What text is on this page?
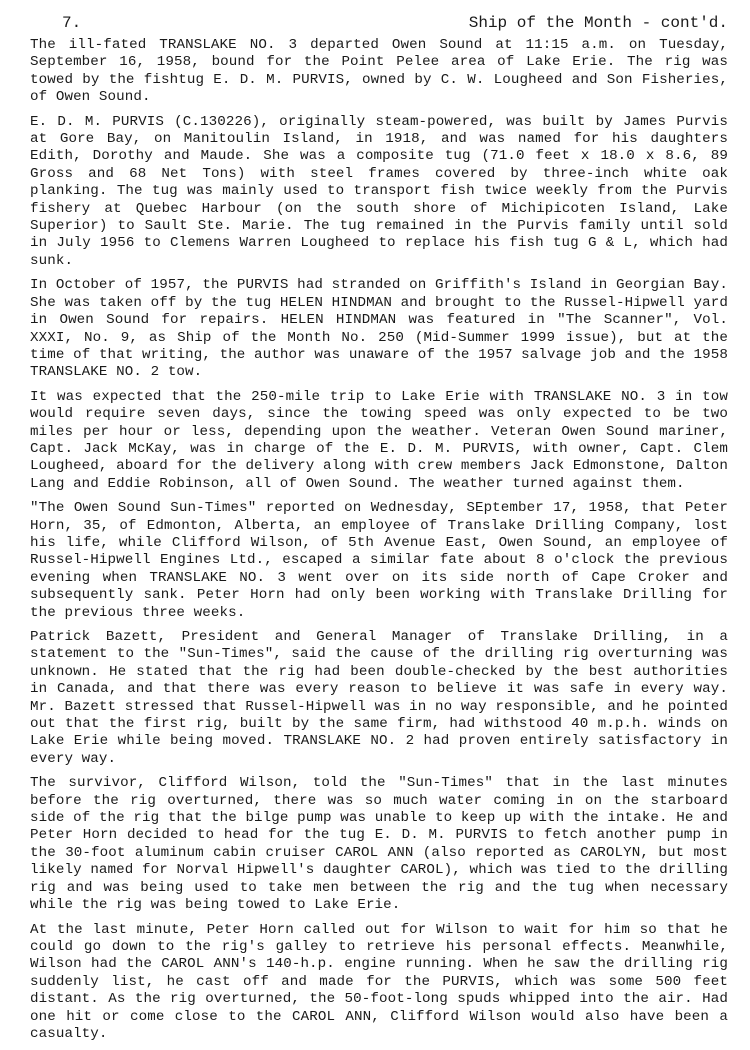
7.	Ship of the Month - cont'd.

The ill-fated TRANSLAKE NO. 3 departed Owen Sound at 11:15 a.m. on Tuesday, September 16, 1958, bound for the Point Pelee area of Lake Erie. The rig was towed by the fishtug E. D. M. PURVIS, owned by C. W. Lougheed and Son Fisheries, of Owen Sound.

E. D. M. PURVIS (C.130226), originally steam-powered, was built by James Purvis at Gore Bay, on Manitoulin Island, in 1918, and was named for his daughters Edith, Dorothy and Maude. She was a composite tug (71.0 feet x 18.0 x 8.6, 89 Gross and 68 Net Tons) with steel frames covered by three-inch white oak planking. The tug was mainly used to transport fish twice weekly from the Purvis fishery at Quebec Harbour (on the south shore of Michipicoten Island, Lake Superior) to Sault Ste. Marie. The tug remained in the Purvis family until sold in July 1956 to Clemens Warren Lougheed to replace his fish tug G & L, which had sunk.

In October of 1957, the PURVIS had stranded on Griffith's Island in Georgian Bay. She was taken off by the tug HELEN HINDMAN and brought to the Russel-Hipwell yard in Owen Sound for repairs. HELEN HINDMAN was featured in "The Scanner", Vol. XXXI, No. 9, as Ship of the Month No. 250 (Mid-Summer 1999 issue), but at the time of that writing, the author was unaware of the 1957 salvage job and the 1958 TRANSLAKE NO. 2 tow.

It was expected that the 250-mile trip to Lake Erie with TRANSLAKE NO. 3 in tow would require seven days, since the towing speed was only expected to be two miles per hour or less, depending upon the weather. Veteran Owen Sound mariner, Capt. Jack McKay, was in charge of the E. D. M. PURVIS, with owner, Capt. Clem Lougheed, aboard for the delivery along with crew members Jack Edmonstone, Dalton Lang and Eddie Robinson, all of Owen Sound. The weather turned against them.

"The Owen Sound Sun-Times" reported on Wednesday, SEptember 17, 1958, that Peter Horn, 35, of Edmonton, Alberta, an employee of Translake Drilling Company, lost his life, while Clifford Wilson, of 5th Avenue East, Owen Sound, an employee of Russel-Hipwell Engines Ltd., escaped a similar fate about 8 o'clock the previous evening when TRANSLAKE NO. 3 went over on its side north of Cape Croker and subsequently sank. Peter Horn had only been working with Translake Drilling for the previous three weeks.

Patrick Bazett, President and General Manager of Translake Drilling, in a statement to the "Sun-Times", said the cause of the drilling rig overturning was unknown. He stated that the rig had been double-checked by the best authorities in Canada, and that there was every reason to believe it was safe in every way. Mr. Bazett stressed that Russel-Hipwell was in no way responsible, and he pointed out that the first rig, built by the same firm, had withstood 40 m.p.h. winds on Lake Erie while being moved. TRANSLAKE NO. 2 had proven entirely satisfactory in every way.

The survivor, Clifford Wilson, told the "Sun-Times" that in the last minutes before the rig overturned, there was so much water coming in on the starboard side of the rig that the bilge pump was unable to keep up with the intake. He and Peter Horn decided to head for the tug E. D. M. PURVIS to fetch another pump in the 30-foot aluminum cabin cruiser CAROL ANN (also reported as CAROLYN, but most likely named for Norval Hipwell's daughter CAROL), which was tied to the drilling rig and was being used to take men between the rig and the tug when necessary while the rig was being towed to Lake Erie.

At the last minute, Peter Horn called out for Wilson to wait for him so that he could go down to the rig's galley to retrieve his personal effects. Meanwhile, Wilson had the CAROL ANN's 140-h.p. engine running. When he saw the drilling rig suddenly list, he cast off and made for the PURVIS, which was some 500 feet distant. As the rig overturned, the 50-foot-long spuds whipped into the air. Had one hit or come close to the CAROL ANN, Clifford Wilson would also have been a casualty.
